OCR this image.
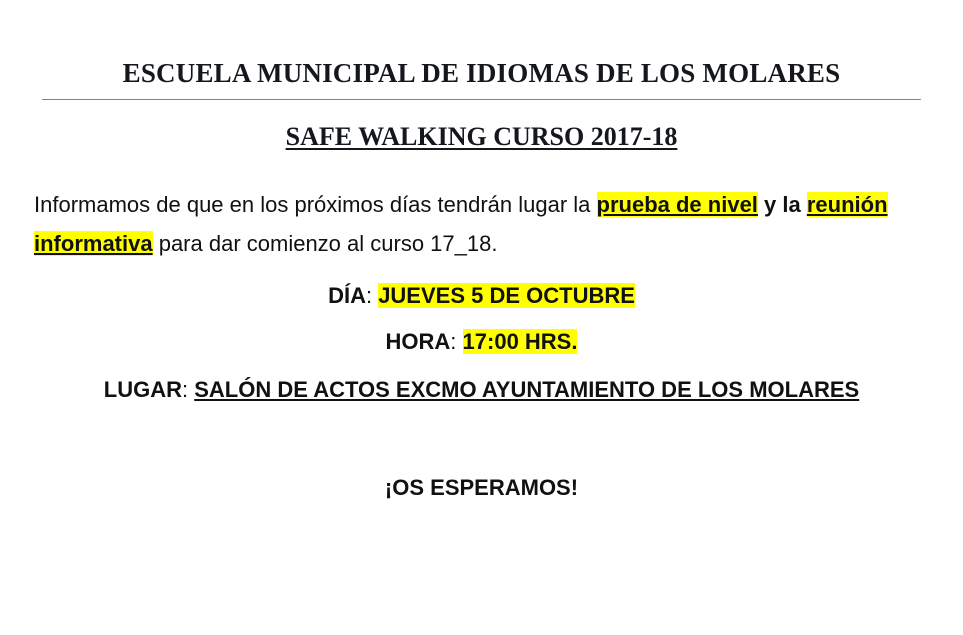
ESCUELA MUNICIPAL DE IDIOMAS DE LOS MOLARES
SAFE WALKING CURSO 2017-18
Informamos de que en los próximos días tendrán lugar la prueba de nivel y la reunión informativa para dar comienzo al curso 17_18.
DÍA: JUEVES 5 DE OCTUBRE
HORA: 17:00 HRS.
LUGAR: SALÓN DE ACTOS EXCMO AYUNTAMIENTO DE LOS MOLARES
¡OS ESPERAMOS!
